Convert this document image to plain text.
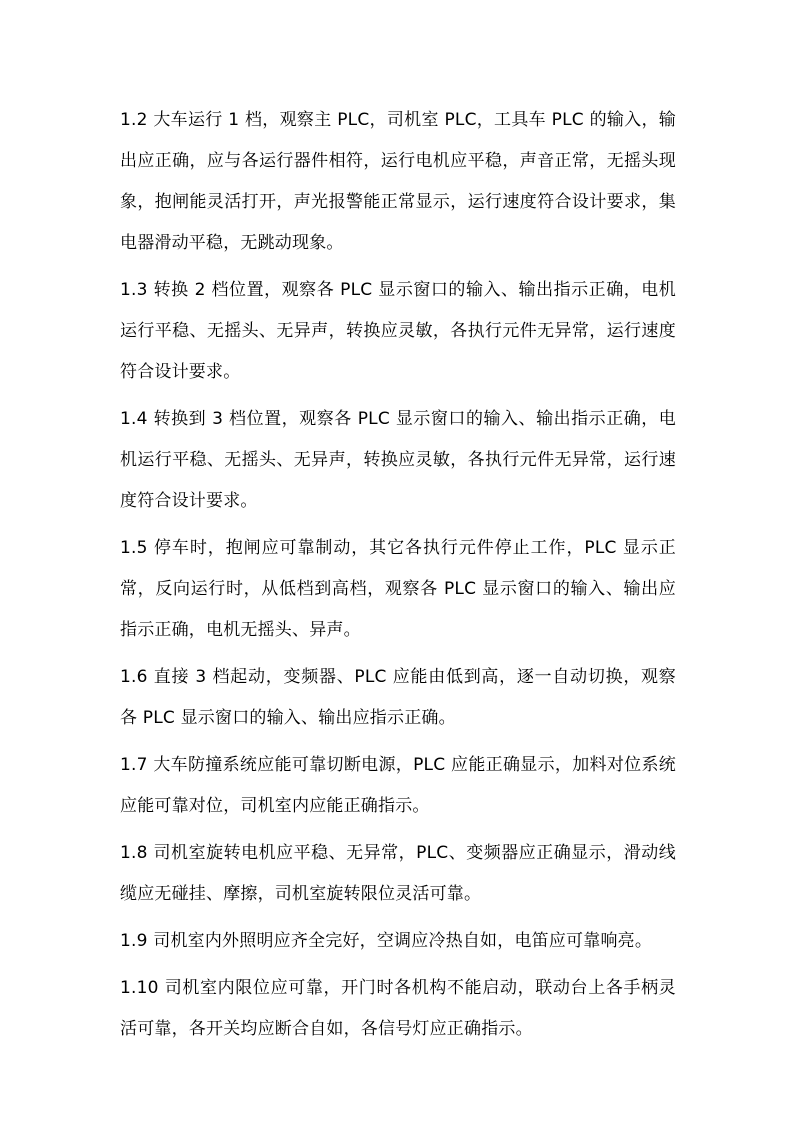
1.2 大车运行 1 档，观察主 PLC，司机室 PLC，工具车 PLC 的输入，输出应正确，应与各运行器件相符，运行电机应平稳，声音正常，无摇头现象，抱闸能灵活打开，声光报警能正常显示，运行速度符合设计要求，集电器滑动平稳，无跳动现象。

1.3 转换 2 档位置，观察各 PLC 显示窗口的输入、输出指示正确，电机运行平稳、无摇头、无异声，转换应灵敏，各执行元件无异常，运行速度符合设计要求。

1.4 转换到 3 档位置，观察各 PLC 显示窗口的输入、输出指示正确，电机运行平稳、无摇头、无异声，转换应灵敏，各执行元件无异常，运行速度符合设计要求。

1.5 停车时，抱闸应可靠制动，其它各执行元件停止工作，PLC 显示正常，反向运行时，从低档到高档，观察各 PLC 显示窗口的输入、输出应指示正确，电机无摇头、异声。

1.6 直接 3 档起动，变频器、PLC 应能由低到高，逐一自动切换，观察各 PLC 显示窗口的输入、输出应指示正确。

1.7 大车防撞系统应能可靠切断电源，PLC 应能正确显示，加料对位系统应能可靠对位，司机室内应能正确指示。

1.8 司机室旋转电机应平稳、无异常，PLC、变频器应正确显示，滑动线缆应无碰挂、摩擦，司机室旋转限位灵活可靠。

1.9 司机室内外照明应齐全完好，空调应冷热自如，电笛应可靠响亮。

1.10 司机室内限位应可靠，开门时各机构不能启动，联动台上各手柄灵活可靠，各开关均应断合自如，各信号灯应正确指示。
